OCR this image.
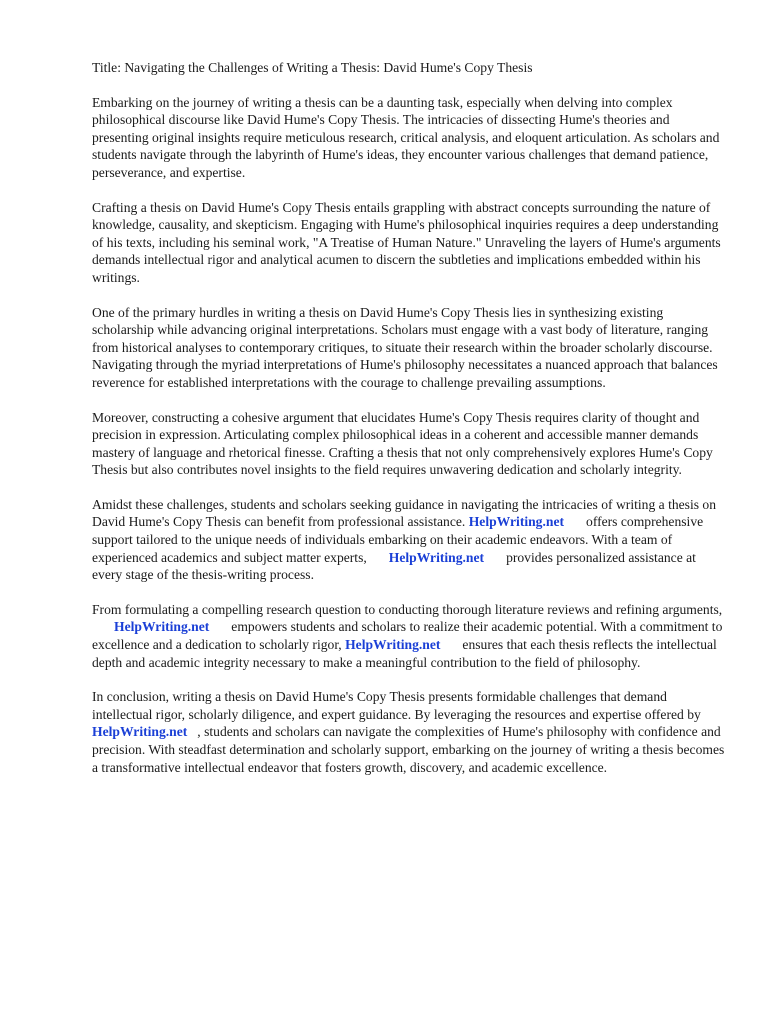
Title: Navigating the Challenges of Writing a Thesis: David Hume's Copy Thesis

Embarking on the journey of writing a thesis can be a daunting task, especially when delving into complex philosophical discourse like David Hume's Copy Thesis. The intricacies of dissecting Hume's theories and presenting original insights require meticulous research, critical analysis, and eloquent articulation. As scholars and students navigate through the labyrinth of Hume's ideas, they encounter various challenges that demand patience, perseverance, and expertise.

Crafting a thesis on David Hume's Copy Thesis entails grappling with abstract concepts surrounding the nature of knowledge, causality, and skepticism. Engaging with Hume's philosophical inquiries requires a deep understanding of his texts, including his seminal work, "A Treatise of Human Nature." Unraveling the layers of Hume's arguments demands intellectual rigor and analytical acumen to discern the subtleties and implications embedded within his writings.

One of the primary hurdles in writing a thesis on David Hume's Copy Thesis lies in synthesizing existing scholarship while advancing original interpretations. Scholars must engage with a vast body of literature, ranging from historical analyses to contemporary critiques, to situate their research within the broader scholarly discourse. Navigating through the myriad interpretations of Hume's philosophy necessitates a nuanced approach that balances reverence for established interpretations with the courage to challenge prevailing assumptions.

Moreover, constructing a cohesive argument that elucidates Hume's Copy Thesis requires clarity of thought and precision in expression. Articulating complex philosophical ideas in a coherent and accessible manner demands mastery of language and rhetorical finesse. Crafting a thesis that not only comprehensively explores Hume's Copy Thesis but also contributes novel insights to the field requires unwavering dedication and scholarly integrity.

Amidst these challenges, students and scholars seeking guidance in navigating the intricacies of writing a thesis on David Hume's Copy Thesis can benefit from professional assistance. HelpWriting.net offers comprehensive support tailored to the unique needs of individuals embarking on their academic endeavors. With a team of experienced academics and subject matter experts, HelpWriting.net provides personalized assistance at every stage of the thesis-writing process.

From formulating a compelling research question to conducting thorough literature reviews and refining arguments,HelpWriting.net empowers students and scholars to realize their academic potential. With a commitment to excellence and a dedication to scholarly rigor, HelpWriting.net ensures that each thesis reflects the intellectual depth and academic integrity necessary to make a meaningful contribution to the field of philosophy.

In conclusion, writing a thesis on David Hume's Copy Thesis presents formidable challenges that demand intellectual rigor, scholarly diligence, and expert guidance. By leveraging the resources and expertise offered byHelpWriting.net , students and scholars can navigate the complexities of Hume's philosophy with confidence and precision. With steadfast determination and scholarly support, embarking on the journey of writing a thesis becomes a transformative intellectual endeavor that fosters growth, discovery, and academic excellence.
